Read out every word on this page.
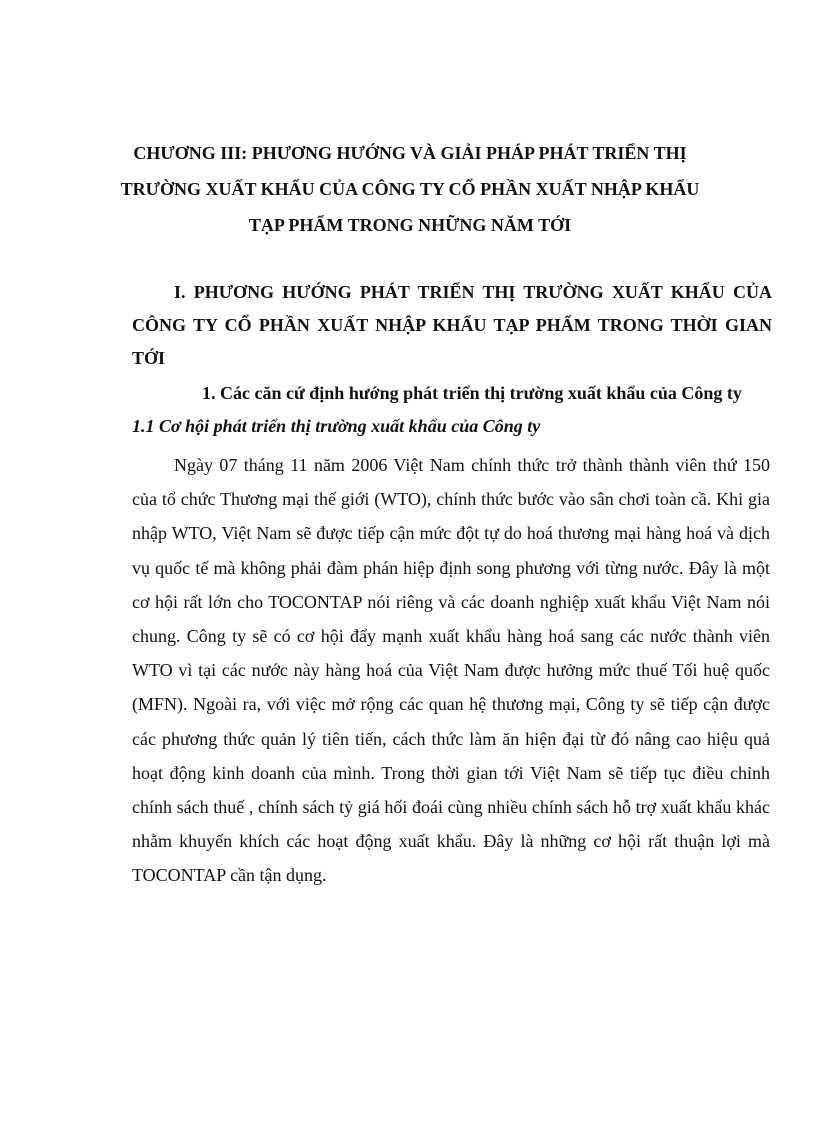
CHƯƠNG III: PHƯƠNG HƯỚNG VÀ GIẢI PHÁP PHÁT TRIỂN THỊ TRƯỜNG XUẤT KHẨU CỦA CÔNG TY CỔ PHẦN XUẤT NHẬP KHẨU TẠP PHẨM TRONG NHỮNG NĂM TỚI
I. PHƯƠNG HƯỚNG PHÁT TRIỂN THỊ TRƯỜNG XUẤT KHẨU CỦA CÔNG TY CỔ PHẦN XUẤT NHẬP KHẨU TẠP PHẨM TRONG THỜI GIAN TỚI
1. Các căn cứ định hướng phát triển thị trường xuất khẩu của Công ty
1.1 Cơ hội phát triển thị trường xuất khẩu của Công ty

Ngày 07 tháng 11 năm 2006 Việt Nam chính thức trở thành thành viên thứ 150 của tổ chức Thương mại thế giới (WTO), chính thức bước vào sân chơi toàn cầ. Khi gia nhập WTO, Việt Nam sẽ được tiếp cận mức đột tự do hoá thương mại hàng hoá và dịch vụ quốc tế mà không phải đàm phán hiệp định song phương với từng nước. Đây là một cơ hội rất lớn cho TOCONTAP nói riêng và các doanh nghiệp xuất khẩu Việt Nam nói chung. Công ty sẽ có cơ hội đẩy mạnh xuất khẩu hàng hoá sang các nước thành viên WTO vì tại các nước này hàng hoá của Việt Nam được hưởng mức thuế Tối huệ quốc (MFN). Ngoài ra, với việc mở rộng các quan hệ thương mại, Công ty sẽ tiếp cận được các phương thức quản lý tiên tiến, cách thức làm ăn hiện đại từ đó nâng cao hiệu quả hoạt động kinh doanh của mình. Trong thời gian tới Việt Nam sẽ tiếp tục điều chỉnh chính sách thuế , chính sách tỷ giá hối đoái cùng nhiều chính sách hỗ trợ xuất khẩu khác nhằm khuyến khích các hoạt động xuất khẩu. Đây là những cơ hội rất thuận lợi mà TOCONTAP cần tận dụng.
